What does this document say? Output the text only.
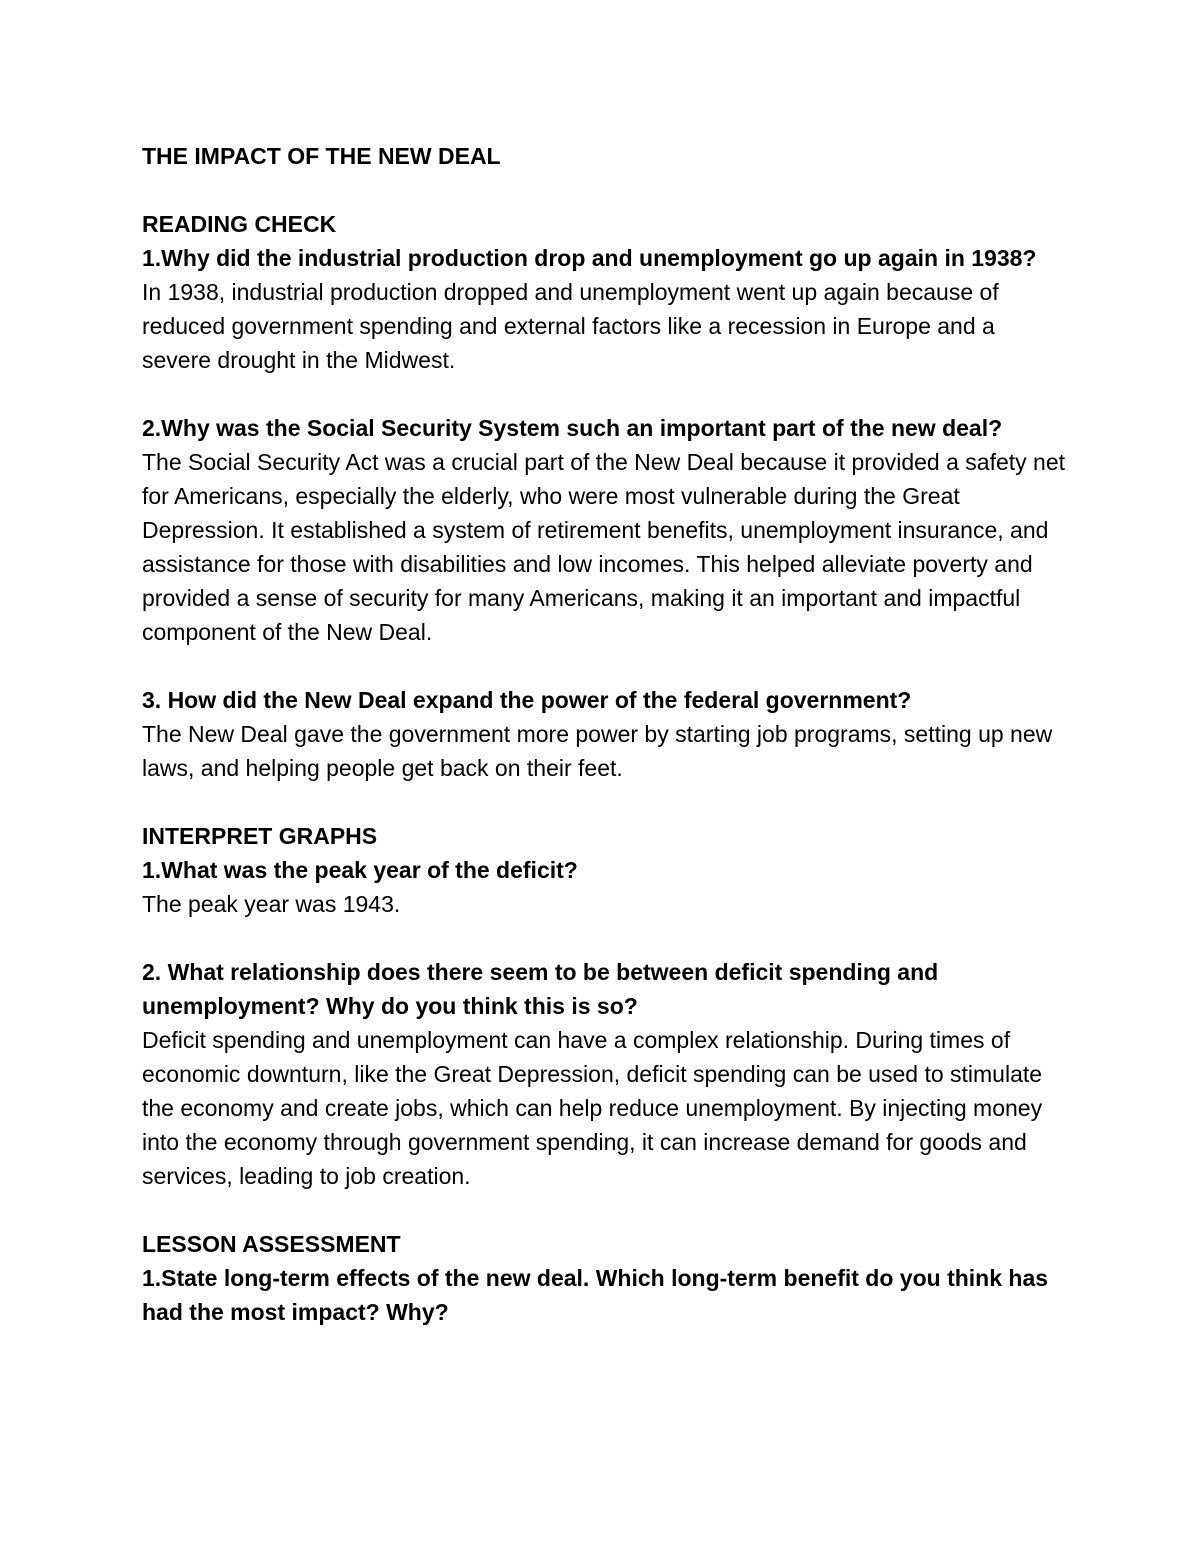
THE IMPACT OF THE NEW DEAL
READING CHECK

1.Why did the industrial production drop and unemployment go up again in 1938?

In 1938, industrial production dropped and unemployment went up again because of reduced government spending and external factors like a recession in Europe and a severe drought in the Midwest.

2.Why was the Social Security System such an important part of the new deal?

The Social Security Act was a crucial part of the New Deal because it provided a safety net for Americans, especially the elderly, who were most vulnerable during the Great Depression. It established a system of retirement benefits, unemployment insurance, and assistance for those with disabilities and low incomes. This helped alleviate poverty and provided a sense of security for many Americans, making it an important and impactful component of the New Deal.

3. How did the New Deal expand the power of the federal government?

The New Deal gave the government more power by starting job programs, setting up new laws, and helping people get back on their feet.

INTERPRET GRAPHS

1.What was the peak year of the deficit?

The peak year was 1943.

2. What relationship does there seem to be between deficit spending and unemployment? Why do you think this is so?

Deficit spending and unemployment can have a complex relationship. During times of economic downturn, like the Great Depression, deficit spending can be used to stimulate the economy and create jobs, which can help reduce unemployment. By injecting money into the economy through government spending, it can increase demand for goods and services, leading to job creation.

LESSON ASSESSMENT

1.State long-term effects of the new deal. Which long-term benefit do you think has had the most impact? Why?
